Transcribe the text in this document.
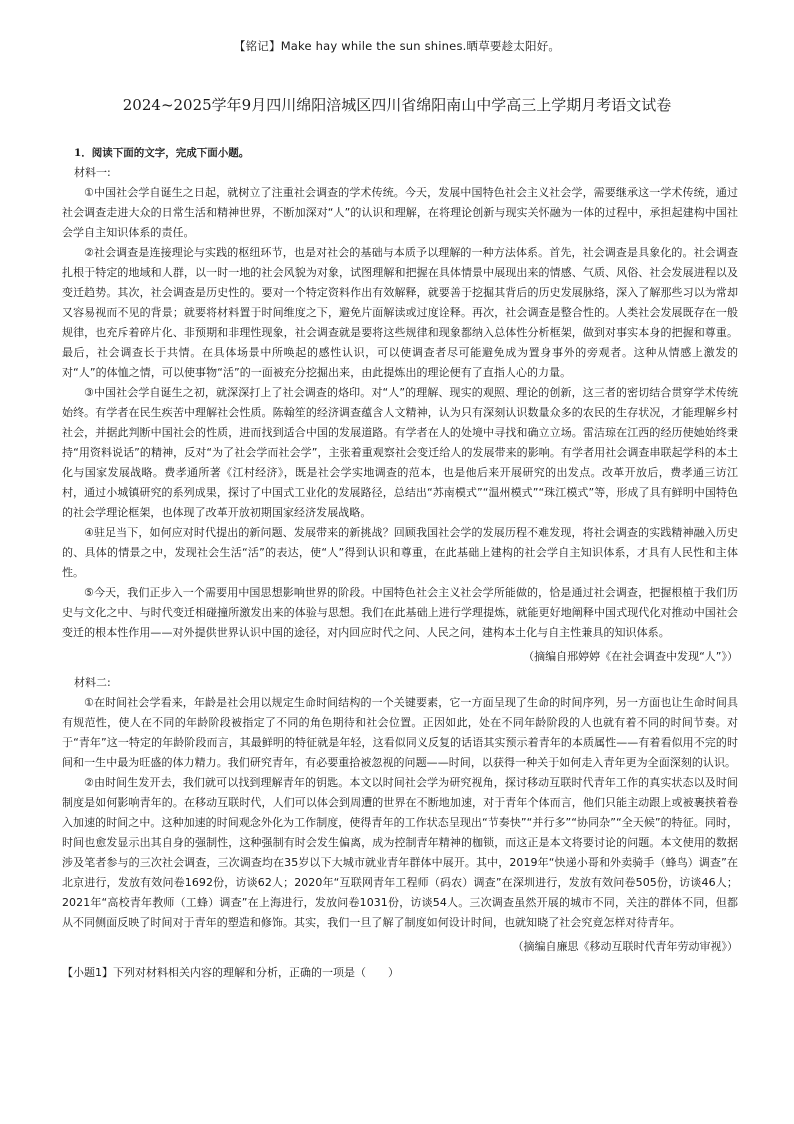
【铭记】Make hay while the sun shines.晒草要趁太阳好。
2024~2025学年9月四川绵阳涪城区四川省绵阳南山中学高三上学期月考语文试卷
1．阅读下面的文字，完成下面小题。
材料一:

①中国社会学自诞生之日起，就树立了注重社会调查的学术传统。今天，发展中国特色社会主义社会学，需要继承这一学术传统，通过社会调查走进大众的日常生活和精神世界，不断加深对“人”的认识和理解，在将理论创新与现实关怀融为一体的过程中，承担起建构中国社会学自主知识体系的责任。

②社会调查是连接理论与实践的枢纽环节，也是对社会的基础与本质予以理解的一种方法体系。首先，社会调查是具象化的。社会调查扎根于特定的地域和人群，以一时一地的社会风貌为对象，试图理解和把握在具体情景中展现出来的情感、气质、风俗、社会发展进程以及变迁趋势。其次，社会调查是历史性的。要对一个特定资料作出有效解释，就要善于挖掘其背后的历史发展脉络，深入了解那些习以为常却又容易视而不见的背景；就要将材料置于时间维度之下，避免片面解读或过度诠释。再次，社会调查是整合性的。人类社会发展既存在一般规律，也充斥着碎片化、非预期和非理性现象，社会调查就是要将这些规律和现象都纳入总体性分析框架，做到对事实本身的把握和尊重。最后，社会调查长于共情。在具体场景中所唤起的感性认识，可以使调查者尽可能避免成为置身事外的旁观者。这种从情感上激发的对“人”的体恤之情，可以使事物“活”的一面被充分挖掘出来，由此提炼出的理论便有了直指人心的力量。

③中国社会学自诞生之初，就深深打上了社会调查的烙印。对“人”的理解、现实的观照、理论的创新，这三者的密切结合贯穿学术传统始终。有学者在民生疾苦中理解社会性质。陈翰笙的经济调查蕴含人文精神，认为只有深刻认识数量众多的农民的生存状况，才能理解乡村社会，并据此判断中国社会的性质，进而找到适合中国的发展道路。有学者在人的处境中寻找和确立立场。雷洁琼在江西的经历使她始终秉持“用资料说话”的精神，反对“为了社会学而社会学”，主张着重观察社会变迁给人的发展带来的影响。有学者用社会调查串联起学科的本土化与国家发展战略。费孝通所著《江村经济》，既是社会学实地调查的范本，也是他后来开展研究的出发点。改革开放后，费孝通三访江村，通过小城镇研究的系列成果，探讨了中国式工业化的发展路径，总结出“苏南模式”“温州模式”“珠江模式”等，形成了具有鲜明中国特色的社会学理论框架，也体现了改革开放初期国家经济发展战略。

④驻足当下，如何应对时代提出的新问题、发展带来的新挑战？回顾我国社会学的发展历程不难发现，将社会调查的实践精神融入历史的、具体的情景之中，发现社会生活“活”的表达，使“人”得到认识和尊重，在此基础上建构的社会学自主知识体系，才具有人民性和主体性。

⑤今天，我们正步入一个需要用中国思想影响世界的阶段。中国特色社会主义社会学所能做的，恰是通过社会调查，把握根植于我们历史与文化之中、与时代变迁相碰撞所激发出来的体验与思想。我们在此基础上进行学理提炼，就能更好地阐释中国式现代化对推动中国社会变迁的根本性作用——对外提供世界认识中国的途径，对内回应时代之问、人民之问，建构本土化与自主性兼具的知识体系。

（摘编自邢婷婷《在社会调查中发现“人”》）
材料二:

①在时间社会学看来，年龄是社会用以规定生命时间结构的一个关键要素，它一方面呈现了生命的时间序列，另一方面也让生命时间具有规范性，使人在不同的年龄阶段被指定了不同的角色期待和社会位置。正因如此，处在不同年龄阶段的人也就有着不同的时间节奏。对于“青年”这一特定的年龄阶段而言，其最鲜明的特征就是年轻，这看似同义反复的话语其实预示着青年的本质属性——有着看似用不完的时间和一生中最为旺盛的体力精力。我们研究青年，有必要重拾被忽视的问题——时间，以获得一种关于如何走入青年更为全面深刻的认识。

②由时间生发开去，我们就可以找到理解青年的钥匙。本文以时间社会学为研究视角，探讨移动互联时代青年工作的真实状态以及时间制度是如何影响青年的。在移动互联时代，人们可以体会到周遭的世界在不断地加速，对于青年个体而言，他们只能主动跟上或被裹挟着卷入加速的时间之中。这种加速的时间观念外化为工作制度，使得青年的工作状态呈现出“节奏快”“并行多”“协同杂”“全天候”的特征。同时，时间也愈发显示出其自身的强制性，这种强制有时会发生偏离，成为控制青年精神的枷锁，而这正是本文将要讨论的问题。本文使用的数据涉及笔者参与的三次社会调查，三次调查均在35岁以下大城市就业青年群体中展开。其中，2019年“快递小哥和外卖骑手（蜂鸟）调查”在北京进行，发放有效问卷1692份，访谈62人；2020年“互联网青年工程师（码农）调查”在深圳进行，发放有效问卷505份，访谈46人；2021年“高校青年教师（工蜂）调查”在上海进行，发放问卷1031份，访谈54人。三次调查虽然开展的城市不同，关注的群体不同，但都从不同侧面反映了时间对于青年的塑造和修饰。其实，我们一旦了解了制度如何设计时间，也就知晓了社会究竟怎样对待青年。

（摘编自廉思《移动互联时代青年劳动审视》）
【小题1】下列对材料相关内容的理解和分析，正确的一项是（　　）
